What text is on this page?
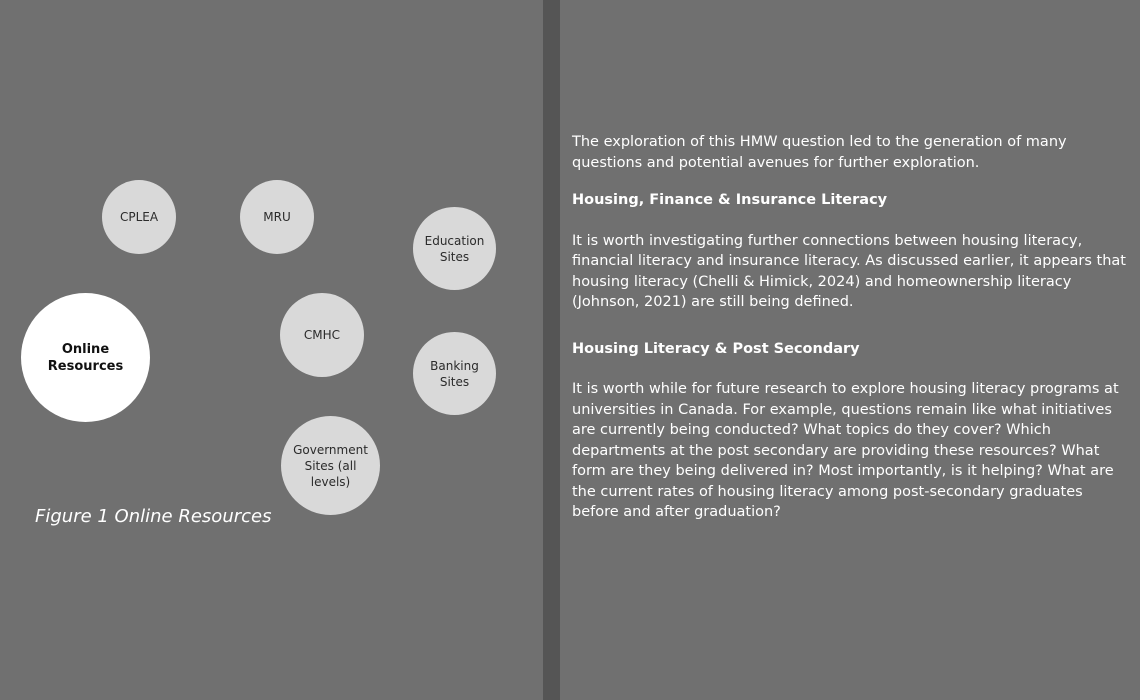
Online Resources
CPLEA	MRU
Education Sites
CMHC
Banking Sites
Government Sites (all levels)
Figure 1 Online Resources

The exploration of this HMW question led to the generation of many questions and potential avenues for further exploration.

Housing, Finance & Insurance Literacy

It is worth investigating further connections between housing literacy, financial literacy and insurance literacy. As discussed earlier, it appears that housing literacy (Chelli & Himick, 2024) and homeownership literacy (Johnson, 2021) are still being defined.

Housing Literacy & Post Secondary

It is worth while for future research to explore housing literacy programs at universities in Canada. For example, questions remain like what initiatives are currently being conducted? What topics do they cover? Which departments at the post secondary are providing these resources? What form are they being delivered in? Most importantly, is it helping? What are the current rates of housing literacy among post-secondary graduates before and after graduation?
